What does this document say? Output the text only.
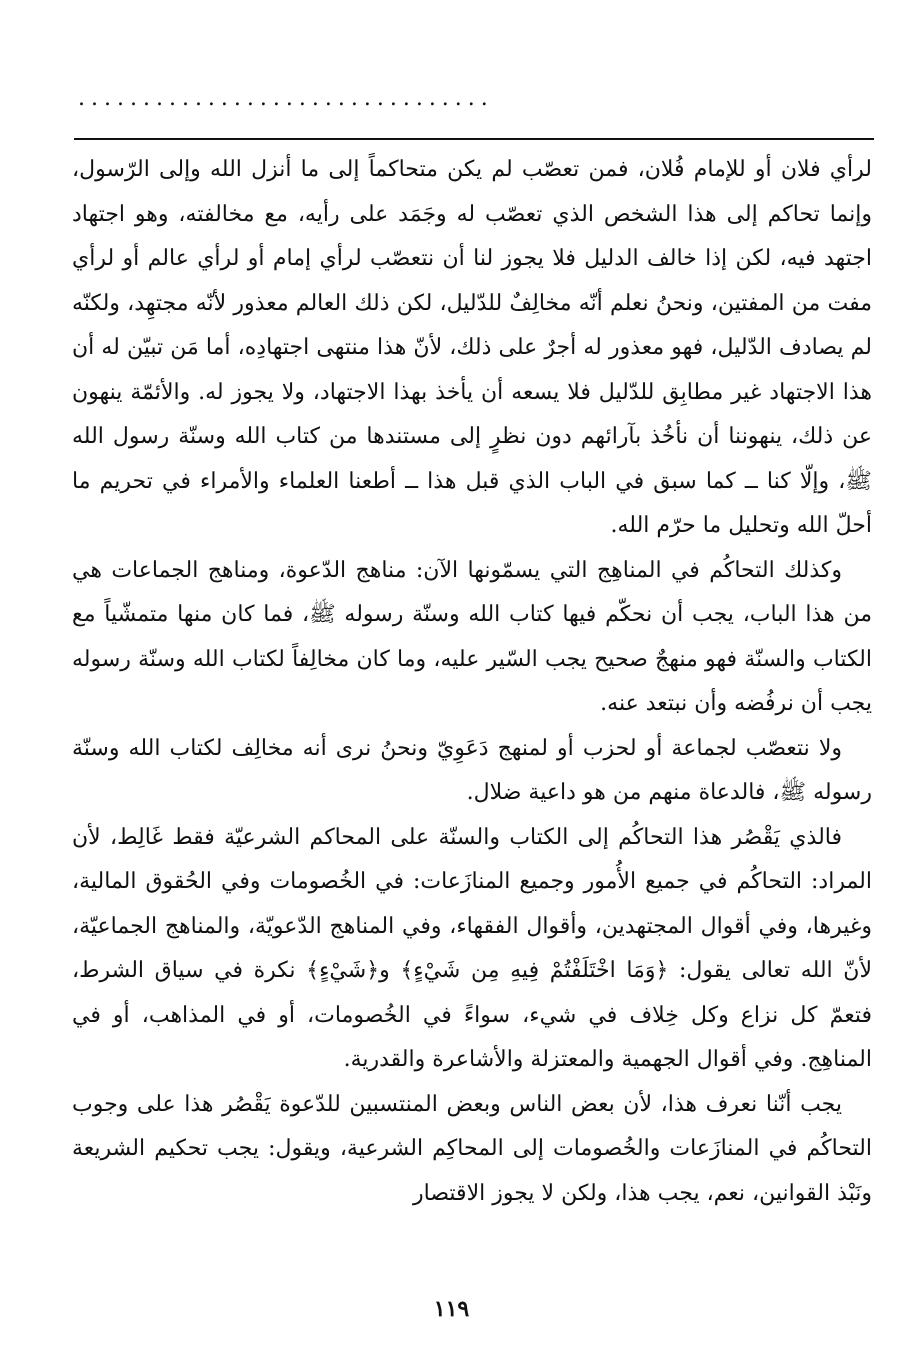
................................

لرأي فلان أو للإمام فُلان، فمن تعصّب لم يكن متحاكماً إلى ما أنزل الله وإلى الرّسول، وإنما تحاكم إلى هذا الشخص الذي تعصّب له وجَمَد على رأيه، مع مخالفته، وهو اجتهاد اجتهد فيه، لكن إذا خالف الدليل فلا يجوز لنا أن نتعصّب لرأي إمام أو لرأي عالم أو لرأي مفت من المفتين، ونحنُ نعلم أنّه مخالِفٌ للدّليل، لكن ذلك العالم معذور لأنّه مجتهِد، ولكنّه لم يصادف الدّليل، فهو معذور له أجرٌ على ذلك، لأنّ هذا منتهى اجتهادِه، أما مَن تبيّن له أن هذا الاجتهاد غير مطابِق للدّليل فلا يسعه أن يأخذ بهذا الاجتهاد، ولا يجوز له. والأئمّة ينهون عن ذلك، ينهوننا أن نأخُذ بآرائهم دون نظرٍ إلى مستندها من كتاب الله وسنّة رسول الله ﷺ، وإلّا كنا ــ كما سبق في الباب الذي قبل هذا ــ أطعنا العلماء والأمراء في تحريم ما أحلّ الله وتحليل ما حرّم الله.

وكذلك التحاكُم في المناهِج التي يسمّونها الآن: مناهج الدّعوة، ومناهج الجماعات هي من هذا الباب، يجب أن نحكّم فيها كتاب الله وسنّة رسوله ﷺ، فما كان منها متمشّياً مع الكتاب والسنّة فهو منهجٌ صحيح يجب السّير عليه، وما كان مخالِفاً لكتاب الله وسنّة رسوله يجب أن نرفُضه وأن نبتعد عنه.

ولا نتعصّب لجماعة أو لحزب أو لمنهج دَعَوِيّ ونحنُ نرى أنه مخالِف لكتاب الله وسنّة رسوله ﷺ، فالدعاة منهم من هو داعية ضلال.

فالذي يَقْصُر هذا التحاكُم إلى الكتاب والسنّة على المحاكم الشرعيّة فقط غَالِط، لأن المراد: التحاكُم في جميع الأُمور وجميع المنازَعات: في الخُصومات وفي الحُقوق المالية، وغيرها، وفي أقوال المجتهدين، وأقوال الفقهاء، وفي المناهج الدّعويّة، والمناهج الجماعيّة، لأنّ الله تعالى يقول: ﴿وَمَا اخْتَلَفْتُمْ فِيهِ مِن شَيْءٍ﴾ و﴿شَيْءٍ﴾ نكرة في سياق الشرط، فتعمّ كل نزاع وكل خِلاف في شيء، سواءً في الخُصومات، أو في المذاهب، أو في المناهِج. وفي أقوال الجهمية والمعتزلة والأشاعرة والقدرية.

يجب أنّنا نعرف هذا، لأن بعض الناس وبعض المنتسبين للدّعوة يَقْصُر هذا على وجوب التحاكُم في المنازَعات والخُصومات إلى المحاكِم الشرعية، ويقول: يجب تحكيم الشريعة ونَبْذ القوانين، نعم، يجب هذا، ولكن لا يجوز الاقتصار

١١٩
